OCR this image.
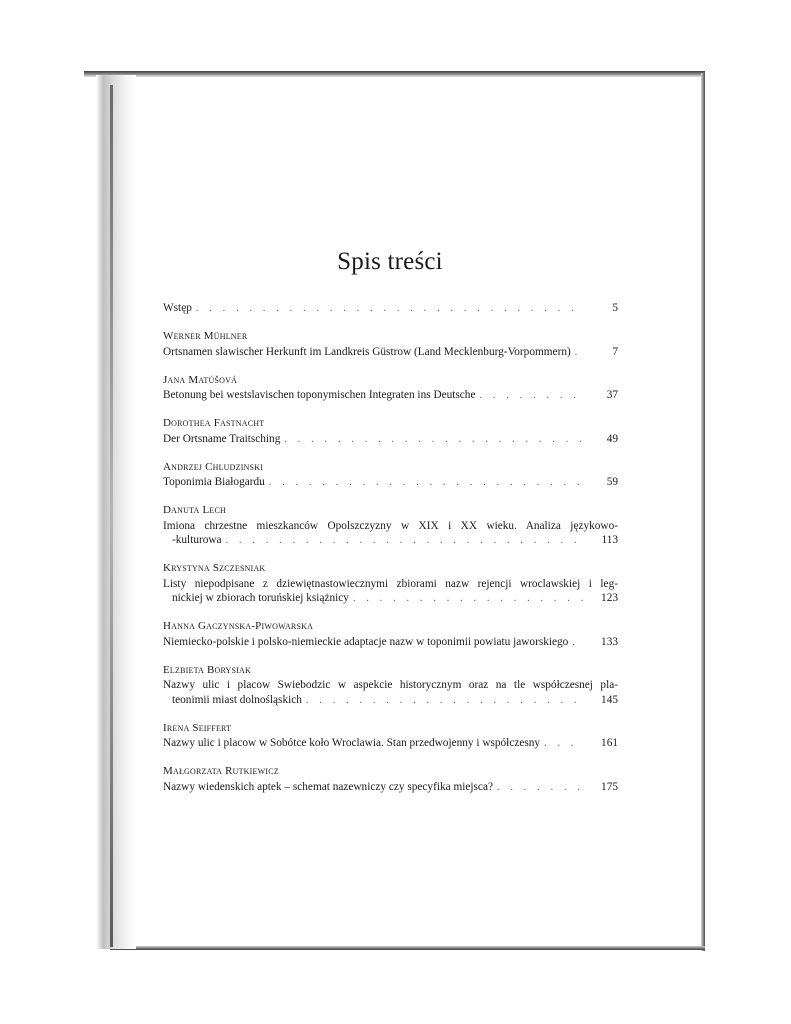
Spis treści
Wstęp . . .	5
Werner Mühlner
Ortsnamen slawischer Herkunft im Landkreis Güstrow (Land Mecklenburg-Vorpommern) . . .	7
Jana Matúšová
Betonung bei westslavischen toponymischen Integraten ins Deutsche . . .	37
Dorothea Fastnacht
Der Ortsname Traitsching . . .	49
Andrzej Chludzinski
Toponimia Białogardu . . .	59
Danuta Lech
Imiona chrzestne mieszkanców Opolszczyzny w XIX i XX wieku. Analiza językowo-
-kulturowa . . .	113
Krystyna Szczesniak
Listy niepodpisane z dziewiętnastowiecznymi zbiorami nazw rejencji wroclawskiej i leg-
nickiej w zbiorach toruńskiej książnicy . . .	123
Hanna Gaczynska-Piwowarska
Niemiecko-polskie i polsko-niemieckie adaptacje nazw w toponimii powiatu jaworskiego . . .	133
Elzbieta Borysiak
Nazwy ulic i placow Swiebodzic w aspekcie historycznym oraz na tle współczesnej pla-
teonimii miast dolnośląskich . . .	145
Irena Seiffert
Nazwy ulic i placow w Sobótce koło Wroclawia. Stan przedwojenny i współczesny . . .	161
Małgorzata Rutkiewicz
Nazwy wiedenskich aptek – schemat nazewniczy czy specyfika miejsca? . . .	175
